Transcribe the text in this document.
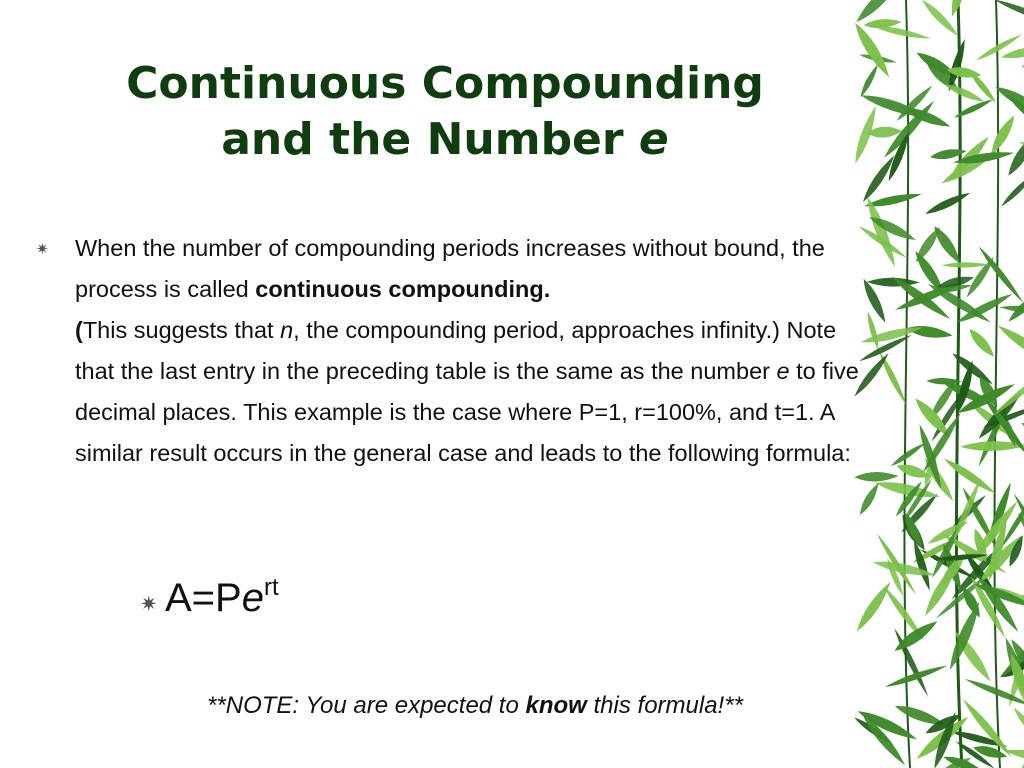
Continuous Compounding
and the Number e
✷ When the number of compounding periods increases without bound, the process is called continuous compounding.
(This suggests that n, the compounding period, approaches infinity.) Note that the last entry in the preceding table is the same as the number e to five decimal places. This example is the case where P=1, r=100%, and t=1. A similar result occurs in the general case and leads to the following formula:

✷ $A=Pe^{rt}$
**NOTE: You are expected to know this formula!**
